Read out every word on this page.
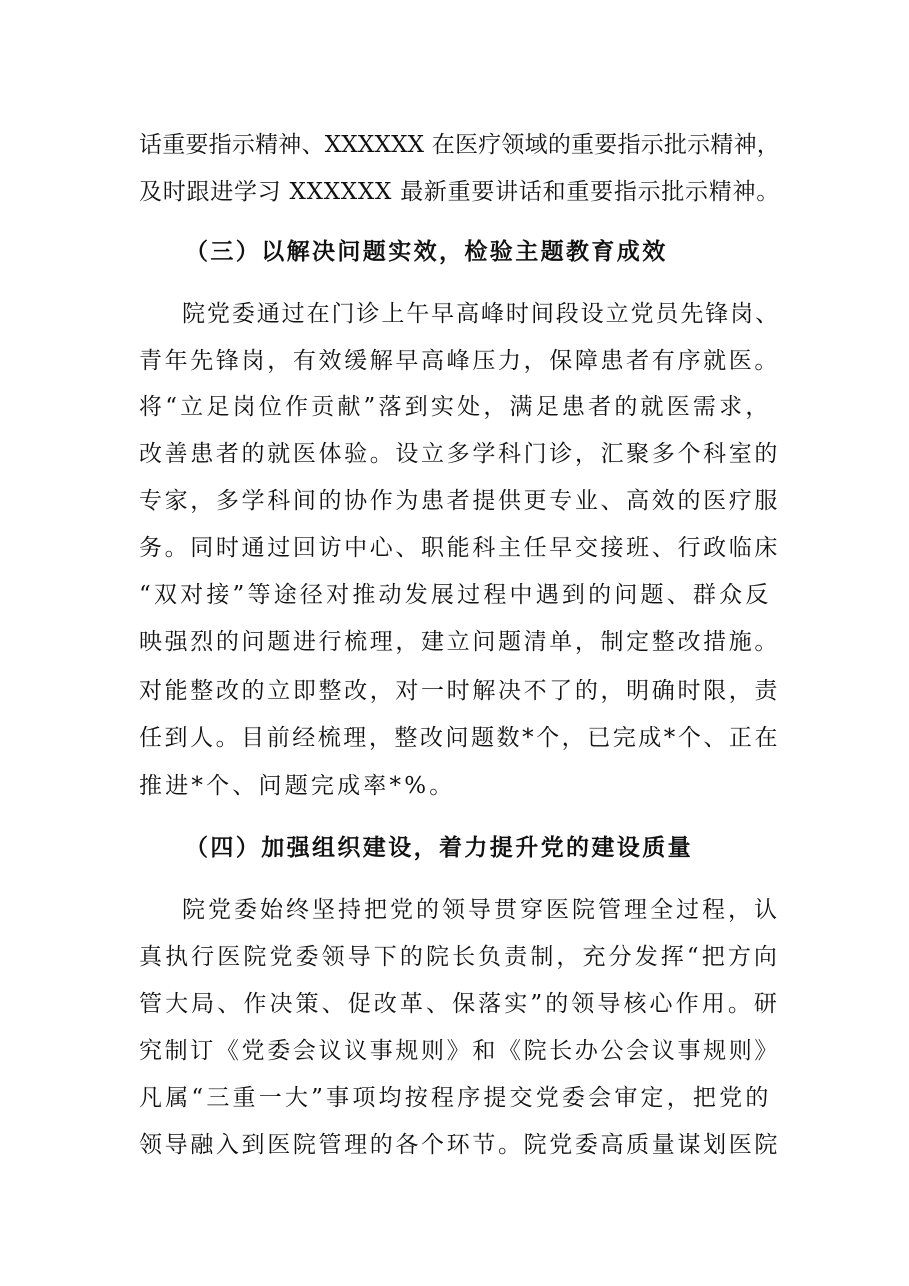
话重要指示精神、XXXXXX 在医疗领域的重要指示批示精神，
及时跟进学习 XXXXXX 最新重要讲话和重要指示批示精神。
（三）以解决问题实效，检验主题教育成效
院党委通过在门诊上午早高峰时间段设立党员先锋岗、
青年先锋岗，有效缓解早高峰压力，保障患者有序就医。
将“立足岗位作贡献”落到实处，满足患者的就医需求，
改善患者的就医体验。设立多学科门诊，汇聚多个科室的
专家，多学科间的协作为患者提供更专业、高效的医疗服
务。同时通过回访中心、职能科主任早交接班、行政临床
“双对接”等途径对推动发展过程中遇到的问题、群众反
映强烈的问题进行梳理，建立问题清单，制定整改措施。
对能整改的立即整改，对一时解决不了的，明确时限，责
任到人。目前经梳理，整改问题数*个，已完成*个、正在
推进*个、问题完成率*%。
（四）加强组织建设，着力提升党的建设质量
院党委始终坚持把党的领导贯穿医院管理全过程，认
真执行医院党委领导下的院长负责制，充分发挥“把方向
管大局、作决策、促改革、保落实”的领导核心作用。研
究制订《党委会议议事规则》和《院长办公会议事规则》
凡属“三重一大”事项均按程序提交党委会审定，把党的
领导融入到医院管理的各个环节。院党委高质量谋划医院
